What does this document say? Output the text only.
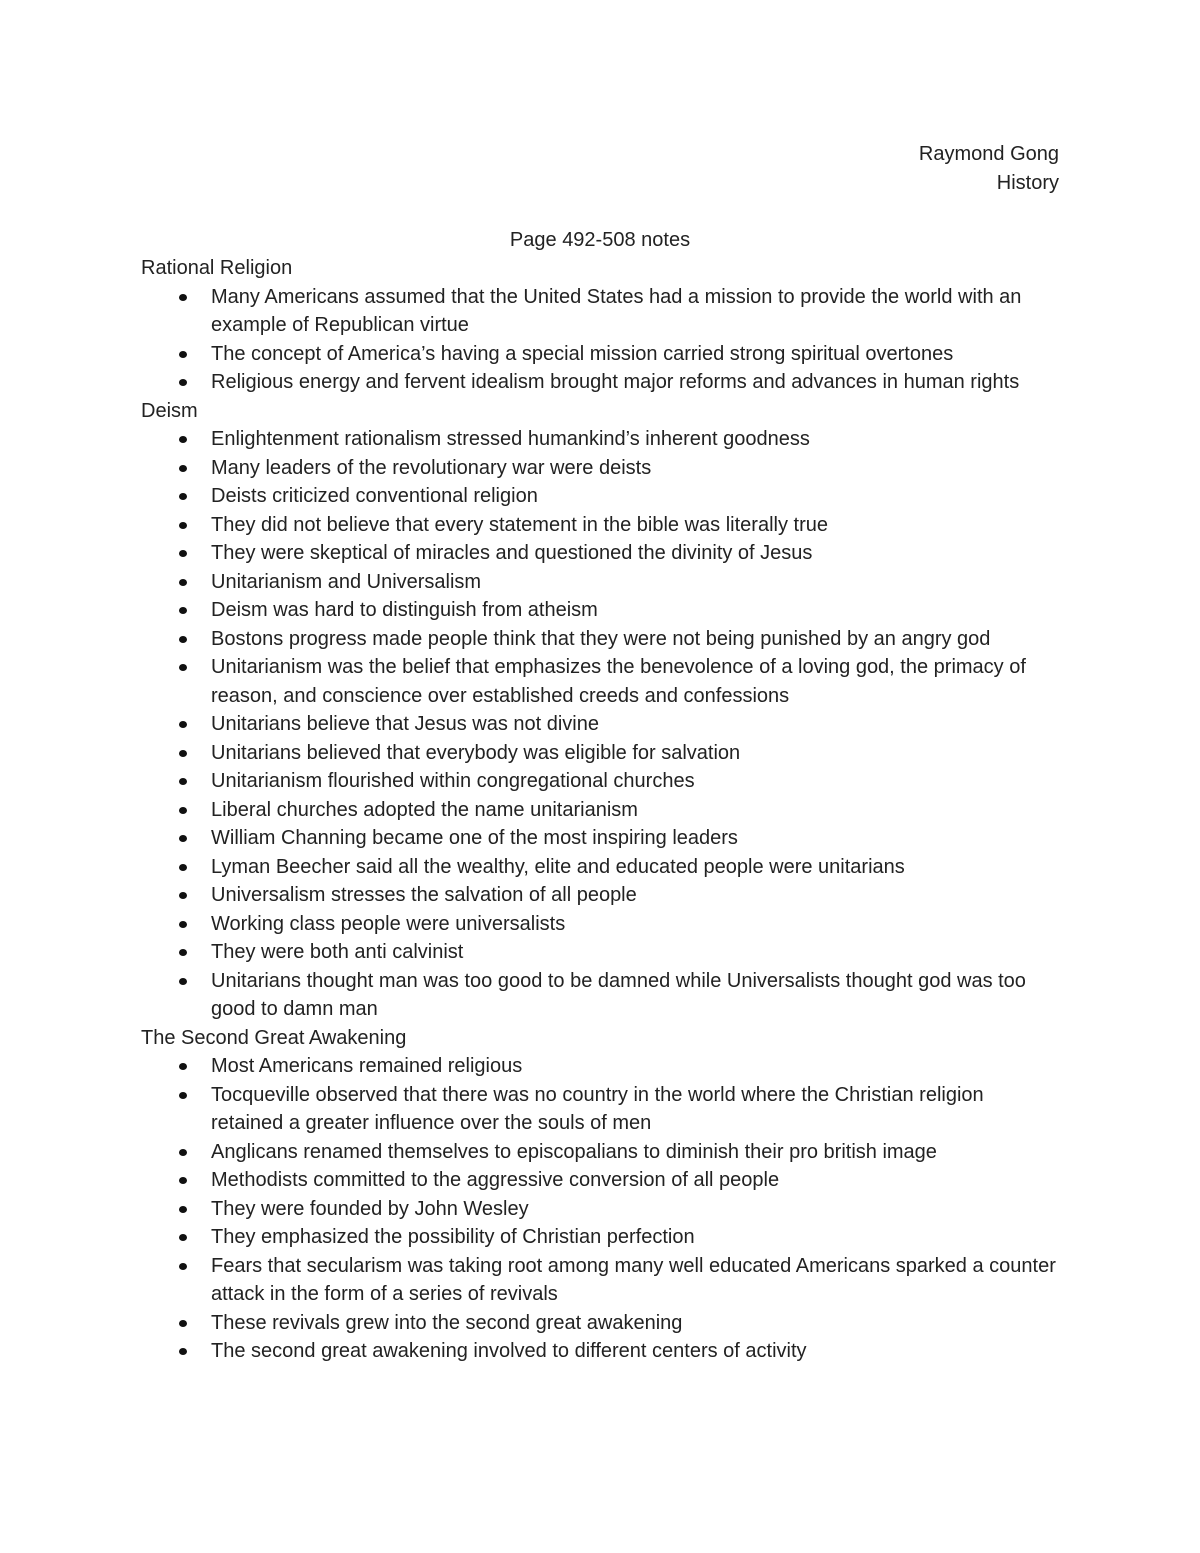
Raymond Gong
History
Page 492-508 notes
Rational Religion
Many Americans assumed that the United States had a mission to provide the world with an example of Republican virtue
The concept of America’s having a special mission carried strong spiritual overtones
Religious energy and fervent idealism brought major reforms and advances in human rights
Deism
Enlightenment rationalism stressed humankind’s inherent goodness
Many leaders of the revolutionary war were deists
Deists criticized conventional religion
They did not believe that every statement in the bible was literally true
They were skeptical of miracles and questioned the divinity of Jesus
Unitarianism and Universalism
Deism was hard to distinguish from atheism
Bostons progress made people think that they were not being punished by an angry god
Unitarianism was the belief that emphasizes the benevolence of a loving god, the primacy of reason, and conscience over established creeds and confessions
Unitarians believe that Jesus was not divine
Unitarians believed that everybody was eligible for salvation
Unitarianism flourished within congregational churches
Liberal churches adopted the name unitarianism
William Channing became one of the most inspiring leaders
Lyman Beecher said all the wealthy, elite and educated people were unitarians
Universalism stresses the salvation of all people
Working class people were universalists
They were both anti calvinist
Unitarians thought man was too good to be damned while Universalists thought god was too good to damn man
The Second Great Awakening
Most Americans remained religious
Tocqueville observed that there was no country in the world where the Christian religion retained a greater influence over the souls of men
Anglicans renamed themselves to episcopalians to diminish their pro british image
Methodists committed to the aggressive conversion of all people
They were founded by John Wesley
They emphasized the possibility of Christian perfection
Fears that secularism was taking root among many well educated Americans sparked a counter attack in the form of a series of revivals
These revivals grew into the second great awakening
The second great awakening involved to different centers of activity
